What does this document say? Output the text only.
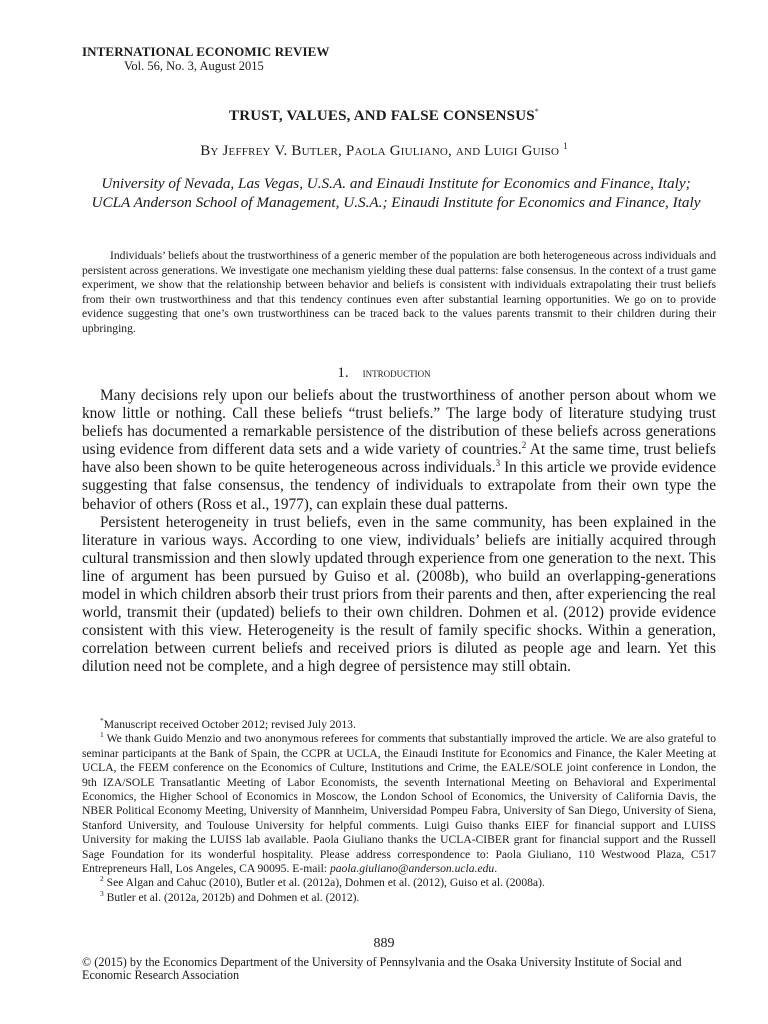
INTERNATIONAL ECONOMIC REVIEW
Vol. 56, No. 3, August 2015
TRUST, VALUES, AND FALSE CONSENSUS*
By Jeffrey V. Butler, Paola Giuliano, and Luigi Guiso $^1$
University of Nevada, Las Vegas, U.S.A. and Einaudi Institute for Economics and Finance, Italy; UCLA Anderson School of Management, U.S.A.; Einaudi Institute for Economics and Finance, Italy
Individuals’ beliefs about the trustworthiness of a generic member of the population are both heterogeneous across individuals and persistent across generations. We investigate one mechanism yielding these dual patterns: false consensus. In the context of a trust game experiment, we show that the relationship between behavior and beliefs is consistent with individuals extrapolating their trust beliefs from their own trustworthiness and that this tendency continues even after substantial learning opportunities. We go on to provide evidence suggesting that one’s own trustworthiness can be traced back to the values parents transmit to their children during their upbringing.
1. introduction

Many decisions rely upon our beliefs about the trustworthiness of another person about whom we know little or nothing. Call these beliefs “trust beliefs.” The large body of literature studying trust beliefs has documented a remarkable persistence of the distribution of these beliefs across generations using evidence from different data sets and a wide variety of countries.$^2$ At the same time, trust beliefs have also been shown to be quite heterogeneous across individuals.$^3$ In this article we provide evidence suggesting that false consensus, the tendency of individuals to extrapolate from their own type the behavior of others (Ross et al., 1977), can explain these dual patterns.

Persistent heterogeneity in trust beliefs, even in the same community, has been explained in the literature in various ways. According to one view, individuals’ beliefs are initially acquired through cultural transmission and then slowly updated through experience from one generation to the next. This line of argument has been pursued by Guiso et al. (2008b), who build an overlapping-generations model in which children absorb their trust priors from their parents and then, after experiencing the real world, transmit their (updated) beliefs to their own children. Dohmen et al. (2012) provide evidence consistent with this view. Heterogeneity is the result of family specific shocks. Within a generation, correlation between current beliefs and received priors is diluted as people age and learn. Yet this dilution need not be complete, and a high degree of persistence may still obtain.

*Manuscript received October 2012; revised July 2013.

$^1$ We thank Guido Menzio and two anonymous referees for comments that substantially improved the article. We are also grateful to seminar participants at the Bank of Spain, the CCPR at UCLA, the Einaudi Institute for Economics and Finance, the Kaler Meeting at UCLA, the FEEM conference on the Economics of Culture, Institutions and Crime, the EALE/SOLE joint conference in London, the 9th IZA/SOLE Transatlantic Meeting of Labor Economists, the seventh International Meeting on Behavioral and Experimental Economics, the Higher School of Economics in Moscow, the London School of Economics, the University of California Davis, the NBER Political Economy Meeting, University of Mannheim, Universidad Pompeu Fabra, University of San Diego, University of Siena, Stanford University, and Toulouse University for helpful comments. Luigi Guiso thanks EIEF for financial support and LUISS University for making the LUISS lab available. Paola Giuliano thanks the UCLA-CIBER grant for financial support and the Russell Sage Foundation for its wonderful hospitality. Please address correspondence to: Paola Giuliano, 110 Westwood Plaza, C517 Entrepreneurs Hall, Los Angeles, CA 90095. E-mail: paola.giuliano@anderson.ucla.edu.

$^2$ See Algan and Cahuc (2010), Butler et al. (2012a), Dohmen et al. (2012), Guiso et al. (2008a).

$^3$ Butler et al. (2012a, 2012b) and Dohmen et al. (2012).

889
© (2015) by the Economics Department of the University of Pennsylvania and the Osaka University Institute of Social and Economic Research Association
